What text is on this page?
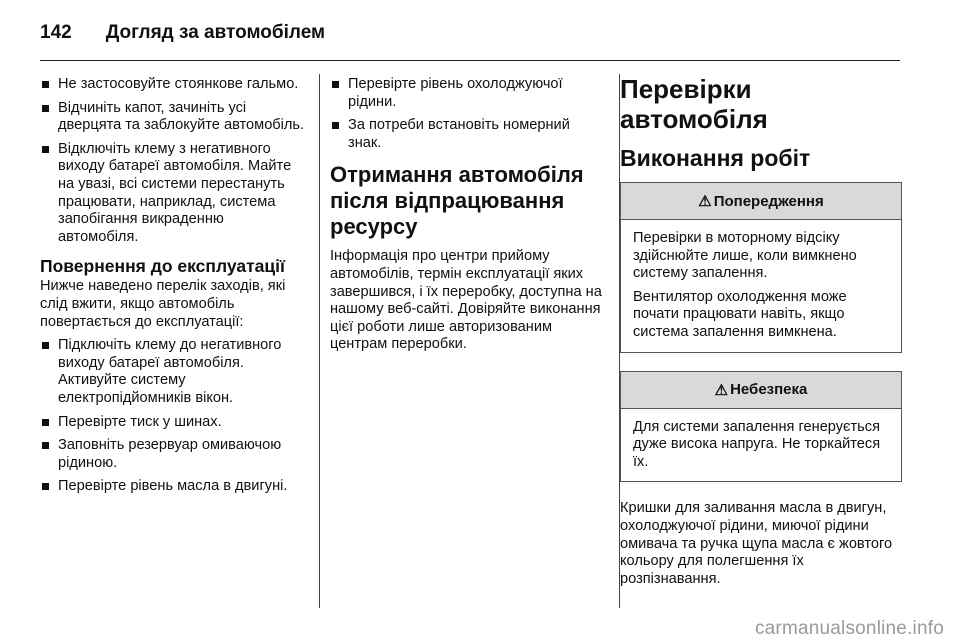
142 Догляд за автомобілем
Не застосовуйте стоянкове гальмо.
Відчиніть капот, зачиніть усі дверцята та заблокуйте автомобіль.
Відключіть клему з негативного виходу батареї автомобіля. Майте на увазі, всі системи перестануть працювати, наприклад, система запобігання викраденню автомобіля.
Повернення до експлуатації

Нижче наведено перелік заходів, які слід вжити, якщо автомобіль повертається до експлуатації:

Підключіть клему до негативного виходу батареї автомобіля. Активуйте систему електропідйомників вікон.
Перевірте тиск у шинах.
Заповніть резервуар омиваючою рідиною.
Перевірте рівень масла в двигуні.
Перевірте рівень охолоджуючої рідини.
За потреби встановіть номерний знак.
Отримання автомобіля після відпрацювання ресурсу

Інформація про центри прийому автомобілів, термін експлуатації яких завершився, і їх переробку, доступна на нашому веб-сайті. Довіряйте виконання цієї роботи лише авторизованим центрам переробки.

Перевірки автомобіля
Виконання робіт
⚠ Попередження

Перевірки в моторному відсіку здійснюйте лише, коли вимкнено систему запалення.

Вентилятор охолодження може почати працювати навіть, якщо система запалення вимкнена.

⚠ Небезпека

Для системи запалення генерується дуже висока напруга. Не торкайтеся їх.

Кришки для заливання масла в двигун, охолоджуючої рідини, миючої рідини омивача та ручка щупа масла є жовтого кольору для полегшення їх розпізнавання.

carmanualsonline.info
